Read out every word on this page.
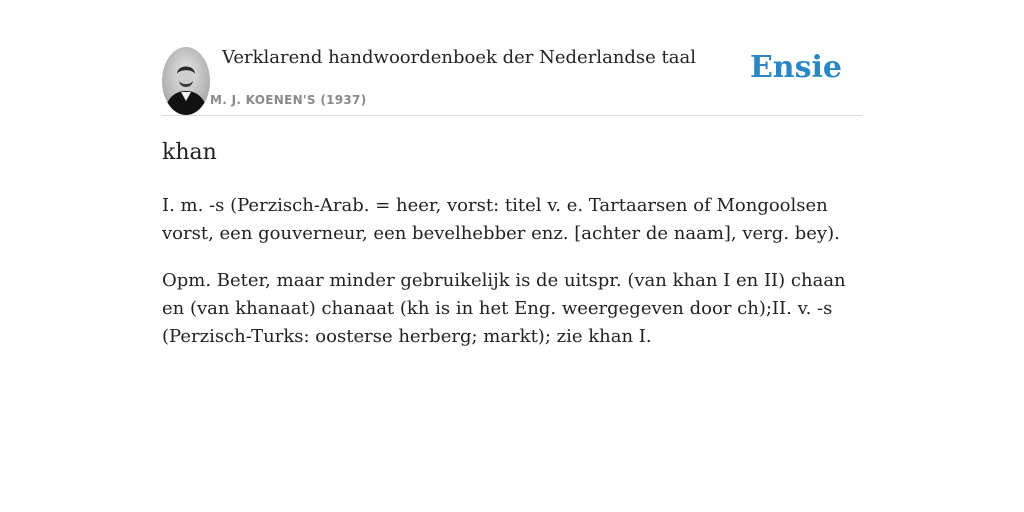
Verklarend handwoordenboek der Nederlandse taal
M. J. KOENEN'S (1937)
Ensie
khan

I. m. -s (Perzisch-Arab. = heer, vorst: titel v. e. Tartaarsen of Mongoolsen vorst, een gouverneur, een bevelhebber enz. [achter de naam], verg. bey).

Opm. Beter, maar minder gebruikelijk is de uitspr. (van khan I en II) chaan en (van khanaat) chanaat (kh is in het Eng. weergegeven door ch);II. v. -s (Perzisch-Turks: oosterse herberg; markt); zie khan I.
